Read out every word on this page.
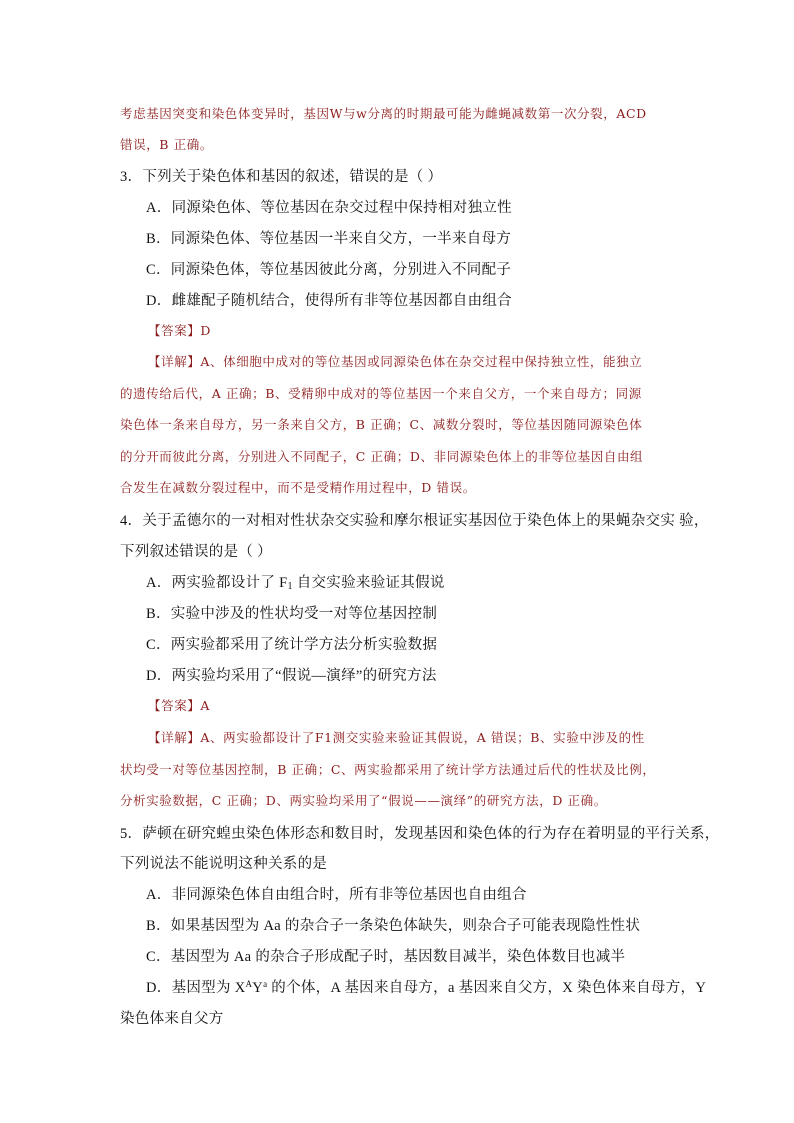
考虑基因突变和染色体变异时，基因W与w分离的时期最可能为雌蝇减数第一次分裂，ACD
错误，B 正确。
3．下列关于染色体和基因的叙述，错误的是（ ）
A．同源染色体、等位基因在杂交过程中保持相对独立性
B．同源染色体、等位基因一半来自父方，一半来自母方
C．同源染色体，等位基因彼此分离，分别进入不同配子
D．雌雄配子随机结合，使得所有非等位基因都自由组合
【答案】D
【详解】A、体细胞中成对的等位基因或同源染色体在杂交过程中保持独立性，能独立
的遗传给后代，A 正确；B、受精卵中成对的等位基因一个来自父方，一个来自母方；同源
染色体一条来自母方，另一条来自父方，B 正确；C、减数分裂时，等位基因随同源染色体
的分开而彼此分离，分别进入不同配子，C 正确；D、非同源染色体上的非等位基因自由组
合发生在减数分裂过程中，而不是受精作用过程中，D 错误。
4．关于孟德尔的一对相对性状杂交实验和摩尔根证实基因位于染色体上的果蝇杂交实 验，
下列叙述错误的是（ ）
A．两实验都设计了 $F_1$ 自交实验来验证其假说
B．实验中涉及的性状均受一对等位基因控制
C．两实验都采用了统计学方法分析实验数据
D．两实验均采用了“假说—演绎”的研究方法
【答案】A
【详解】A、两实验都设计了F1测交实验来验证其假说，A 错误；B、实验中涉及的性
状均受一对等位基因控制，B 正确；C、两实验都采用了统计学方法通过后代的性状及比例，
分析实验数据，C 正确；D、两实验均采用了“假说——演绎”的研究方法，D 正确。
5．萨顿在研究蝗虫染色体形态和数目时，发现基因和染色体的行为存在着明显的平行关系，
下列说法不能说明这种关系的是
A．非同源染色体自由组合时，所有非等位基因也自由组合
B．如果基因型为 Aa 的杂合子一条染色体缺失，则杂合子可能表现隐性性状
C．基因型为 Aa 的杂合子形成配子时，基因数目减半，染色体数目也减半
D．基因型为 $X^AY^a$ 的个体，A 基因来自母方，a 基因来自父方，X 染色体来自母方，Y
染色体来自父方
